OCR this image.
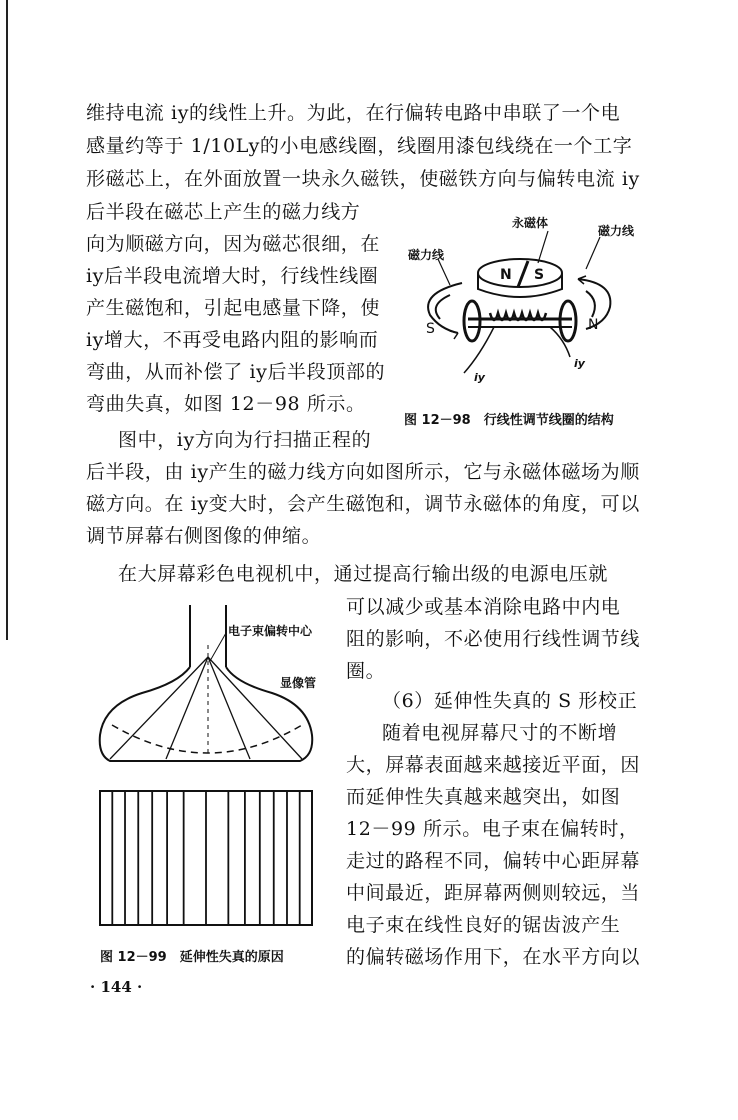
维持电流 iy的线性上升。为此，在行偏转电路中串联了一个电
感量约等于 1/10Ly的小电感线圈，线圈用漆包线绕在一个工字
形磁芯上，在外面放置一块永久磁铁，使磁铁方向与偏转电流 iy
后半段在磁芯上产生的磁力线方
向为顺磁方向，因为磁芯很细，在
iy后半段电流增大时，行线性线圈
产生磁饱和，引起电感量下降，使
iy增大，不再受电路内阻的影响而
弯曲，从而补偿了 iy后半段顶部的
弯曲失真，如图 12－98 所示。
永磁体
磁力线
磁力线
N S
S	N
iy
iy
图 12－98　行线性调节线圈的结构
图中，iy方向为行扫描正程的
后半段，由 iy产生的磁力线方向如图所示，它与永磁体磁场为顺
磁方向。在 iy变大时，会产生磁饱和，调节永磁体的角度，可以
调节屏幕右侧图像的伸缩。
在大屏幕彩色电视机中，通过提高行输出级的电源电压就
可以减少或基本消除电路中内电
阻的影响，不必使用行线性调节线
圈。
（6）延伸性失真的 S 形校正
随着电视屏幕尺寸的不断增
大，屏幕表面越来越接近平面，因
而延伸性失真越来越突出，如图
12－99 所示。电子束在偏转时，
走过的路程不同，偏转中心距屏幕
中间最近，距屏幕两侧则较远，当
电子束在线性良好的锯齿波产生
的偏转磁场作用下，在水平方向以
电子束偏转中心
显像管
图 12－99　延伸性失真的原因
· 144 ·
